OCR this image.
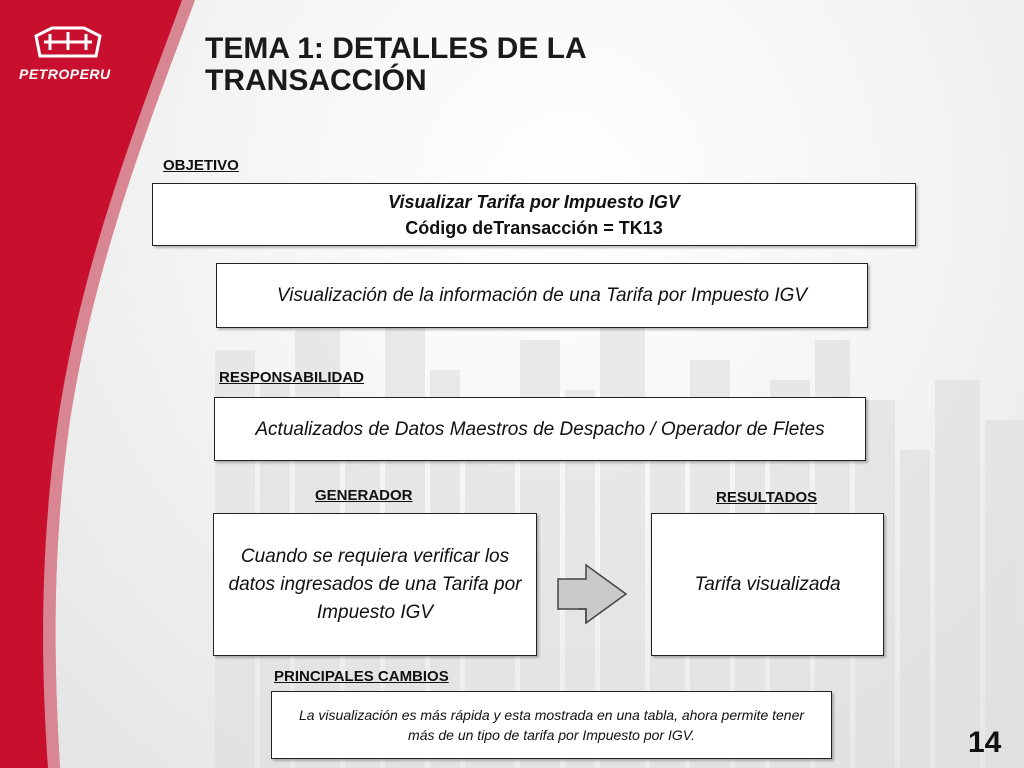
PETROPERU
TEMA 1: DETALLES DE LA TRANSACCIÓN
OBJETIVO
Visualizar Tarifa por Impuesto IGV
Código deTransacción = TK13
Visualización de la información de una Tarifa por Impuesto IGV
RESPONSABILIDAD
Actualizados de Datos Maestros de Despacho / Operador de Fletes
GENERADOR
Cuando se requiera verificar los datos ingresados de una Tarifa por Impuesto IGV
RESULTADOS
Tarifa visualizada
PRINCIPALES CAMBIOS
La visualización es más rápida y esta mostrada en una tabla, ahora permite tener más de un tipo de tarifa por Impuesto por IGV.	14
